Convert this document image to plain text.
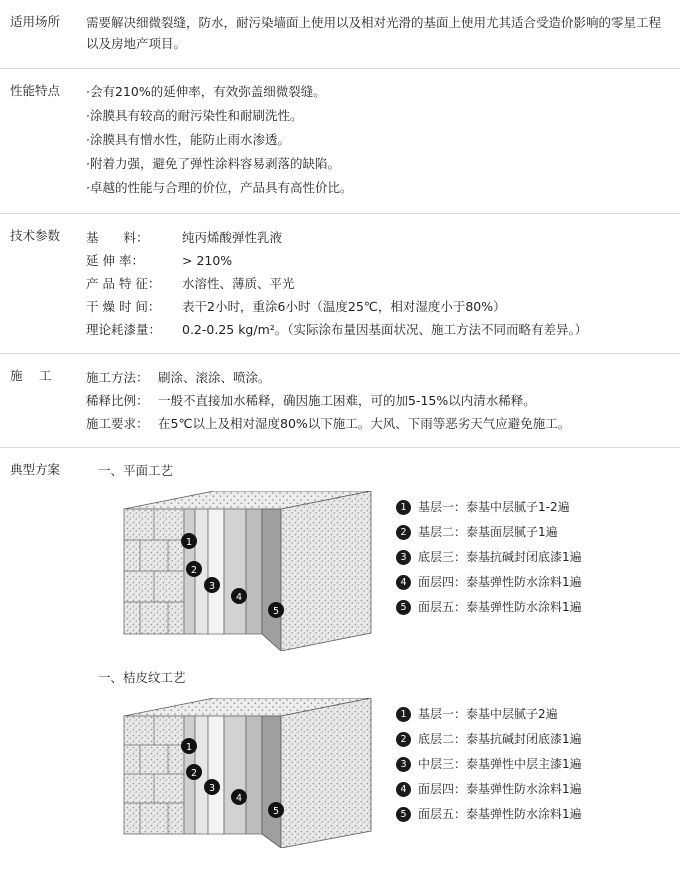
适用场所	需要解决细微裂缝，防水，耐污染墙面上使用以及相对光滑的基面上使用尤其适合受造价影响的零星工程以及房地产项目。

性能特点	·会有210%的延伸率，有效弥盖细微裂缝。
·涂膜具有较高的耐污染性和耐刷洗性。
·涂膜具有憎水性，能防止雨水渗透。
·附着力强，避免了弹性涂料容易剥落的缺陷。
·卓越的性能与合理的价位，产品具有高性价比。
技术参数	基　　料：	纯丙烯酸弹性乳液
延 伸 率：	> 210%
产 品 特 征：	水溶性、薄质、平光
干 燥 时 间：	表干2小时，重涂6小时（温度25℃，相对湿度小于80%）
理论耗漆量：	0.2-0.25 kg/m²。（实际涂布量因基面状况、施工方法不同而略有差异。）
施　 工	施工方法： 刷涂、滚涂、喷涂。
稀释比例： 一般不直接加水稀释，确因施工困难，可的加5-15%以内清水稀释。
施工要求： 在5℃以上及相对湿度80%以下施工。大风、下雨等恶劣天气应避免施工。
典型方案	一、平面工艺
1
2
3
4
5
1 基层一：泰基中层腻子1-2遍
2 基层二：泰基面层腻子1遍
3 底层三：泰基抗碱封闭底漆1遍
4 面层四：泰基弹性防水涂料1遍
5 面层五：泰基弹性防水涂料1遍
一、桔皮纹工艺
1
2
3
4
5
1 基层一：泰基中层腻子2遍
2 底层二：泰基抗碱封闭底漆1遍
3 中层三：泰基弹性中层主漆1遍
4 面层四：泰基弹性防水涂料1遍
5 面层五：泰基弹性防水涂料1遍
